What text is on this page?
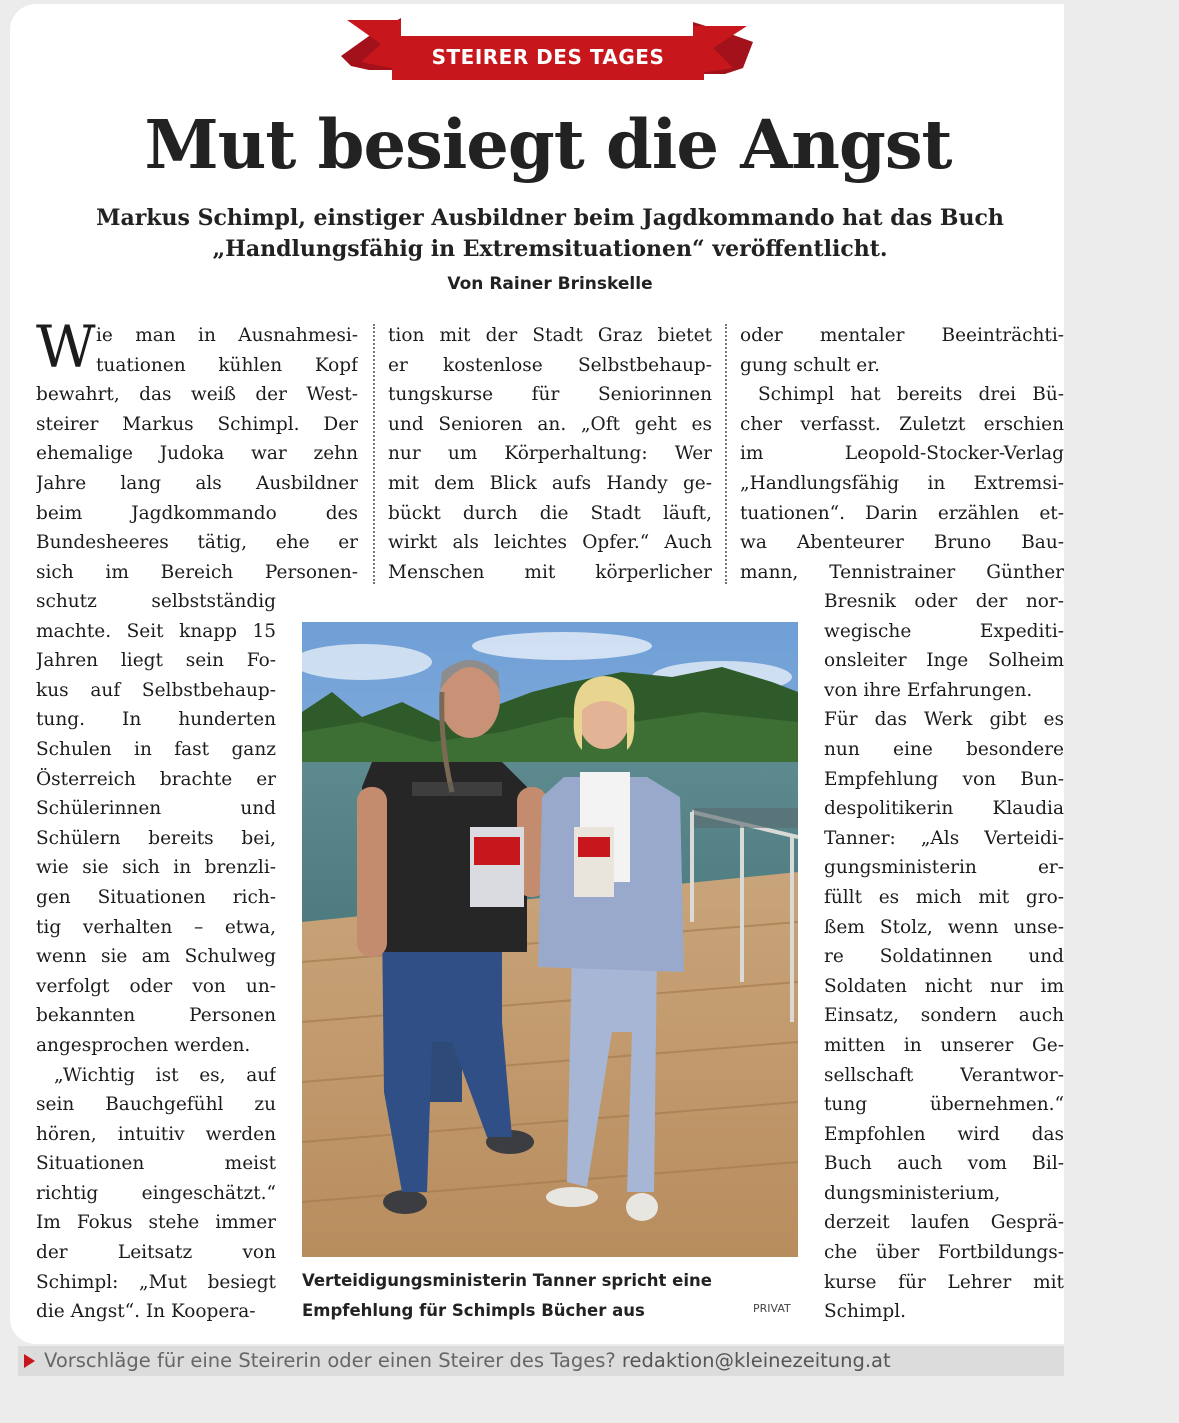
STEIRER DES TAGES
Mut besiegt die Angst
Markus Schimpl, einstiger Ausbildner beim Jagdkommando hat das Buch
„Handlungsfähig in Extremsituationen“ veröffentlicht.
Von Rainer Brinskelle
ie man in Ausnahmesi-
tuationen kühlen Kopf
bewahrt, das weiß der West-
steirer Markus Schimpl. Der
ehemalige Judoka war zehn
Jahre lang als Ausbildner
beim Jagdkommando des
Bundesheeres tätig, ehe er
sich im Bereich Personen-
W	tion mit der Stadt Graz bietet
er kostenlose Selbstbehaup-
tungskurse für Seniorinnen
und Senioren an. „Oft geht es
nur um Körperhaltung: Wer
mit dem Blick aufs Handy ge-
bückt durch die Stadt läuft,
wirkt als leichtes Opfer.“ Auch
Menschen mit körperlicher
oder mentaler Beeinträchti-
gung schult er.
Schimpl hat bereits drei Bü-
cher verfasst. Zuletzt erschien
im Leopold-Stocker-Verlag
„Handlungsfähig in Extremsi-
tuationen“. Darin erzählen et-
wa Abenteurer Bruno Bau-
mann, Tennistrainer Günther
schutz selbstständig
machte. Seit knapp 15
Jahren liegt sein Fo-
kus auf Selbstbehaup-
tung. In hunderten
Schulen in fast ganz
Österreich brachte er
Schülerinnen und
Schülern bereits bei,
wie sie sich in brenzli-
gen Situationen rich-
tig verhalten – etwa,
wenn sie am Schulweg
verfolgt oder von un-
bekannten Personen
angesprochen werden.
„Wichtig ist es, auf
sein Bauchgefühl zu
hören, intuitiv werden
Situationen meist
richtig eingeschätzt.“
Im Fokus stehe immer
der Leitsatz von
Schimpl: „Mut besiegt
die Angst“. In Koopera-
Bresnik oder der nor-
wegische Expediti-
onsleiter Inge Solheim
von ihre Erfahrungen.
Für das Werk gibt es
nun eine besondere
Empfehlung von Bun-
despolitikerin Klaudia
Tanner: „Als Verteidi-
gungsministerin er-
füllt es mich mit gro-
ßem Stolz, wenn unse-
re Soldatinnen und
Soldaten nicht nur im
Einsatz, sondern auch
mitten in unserer Ge-
sellschaft Verantwor-
tung übernehmen.“
Empfohlen wird das
Buch auch vom Bil-
dungsministerium,
derzeit laufen Gesprä-
che über Fortbildungs-
kurse für Lehrer mit
Schimpl.
Verteidigungsministerin Tanner spricht eine
Empfehlung für Schimpls Bücher aus	PRIVAT
Vorschläge für eine Steirerin oder einen Steirer des Tages? redaktion@kleinezeitung.at
